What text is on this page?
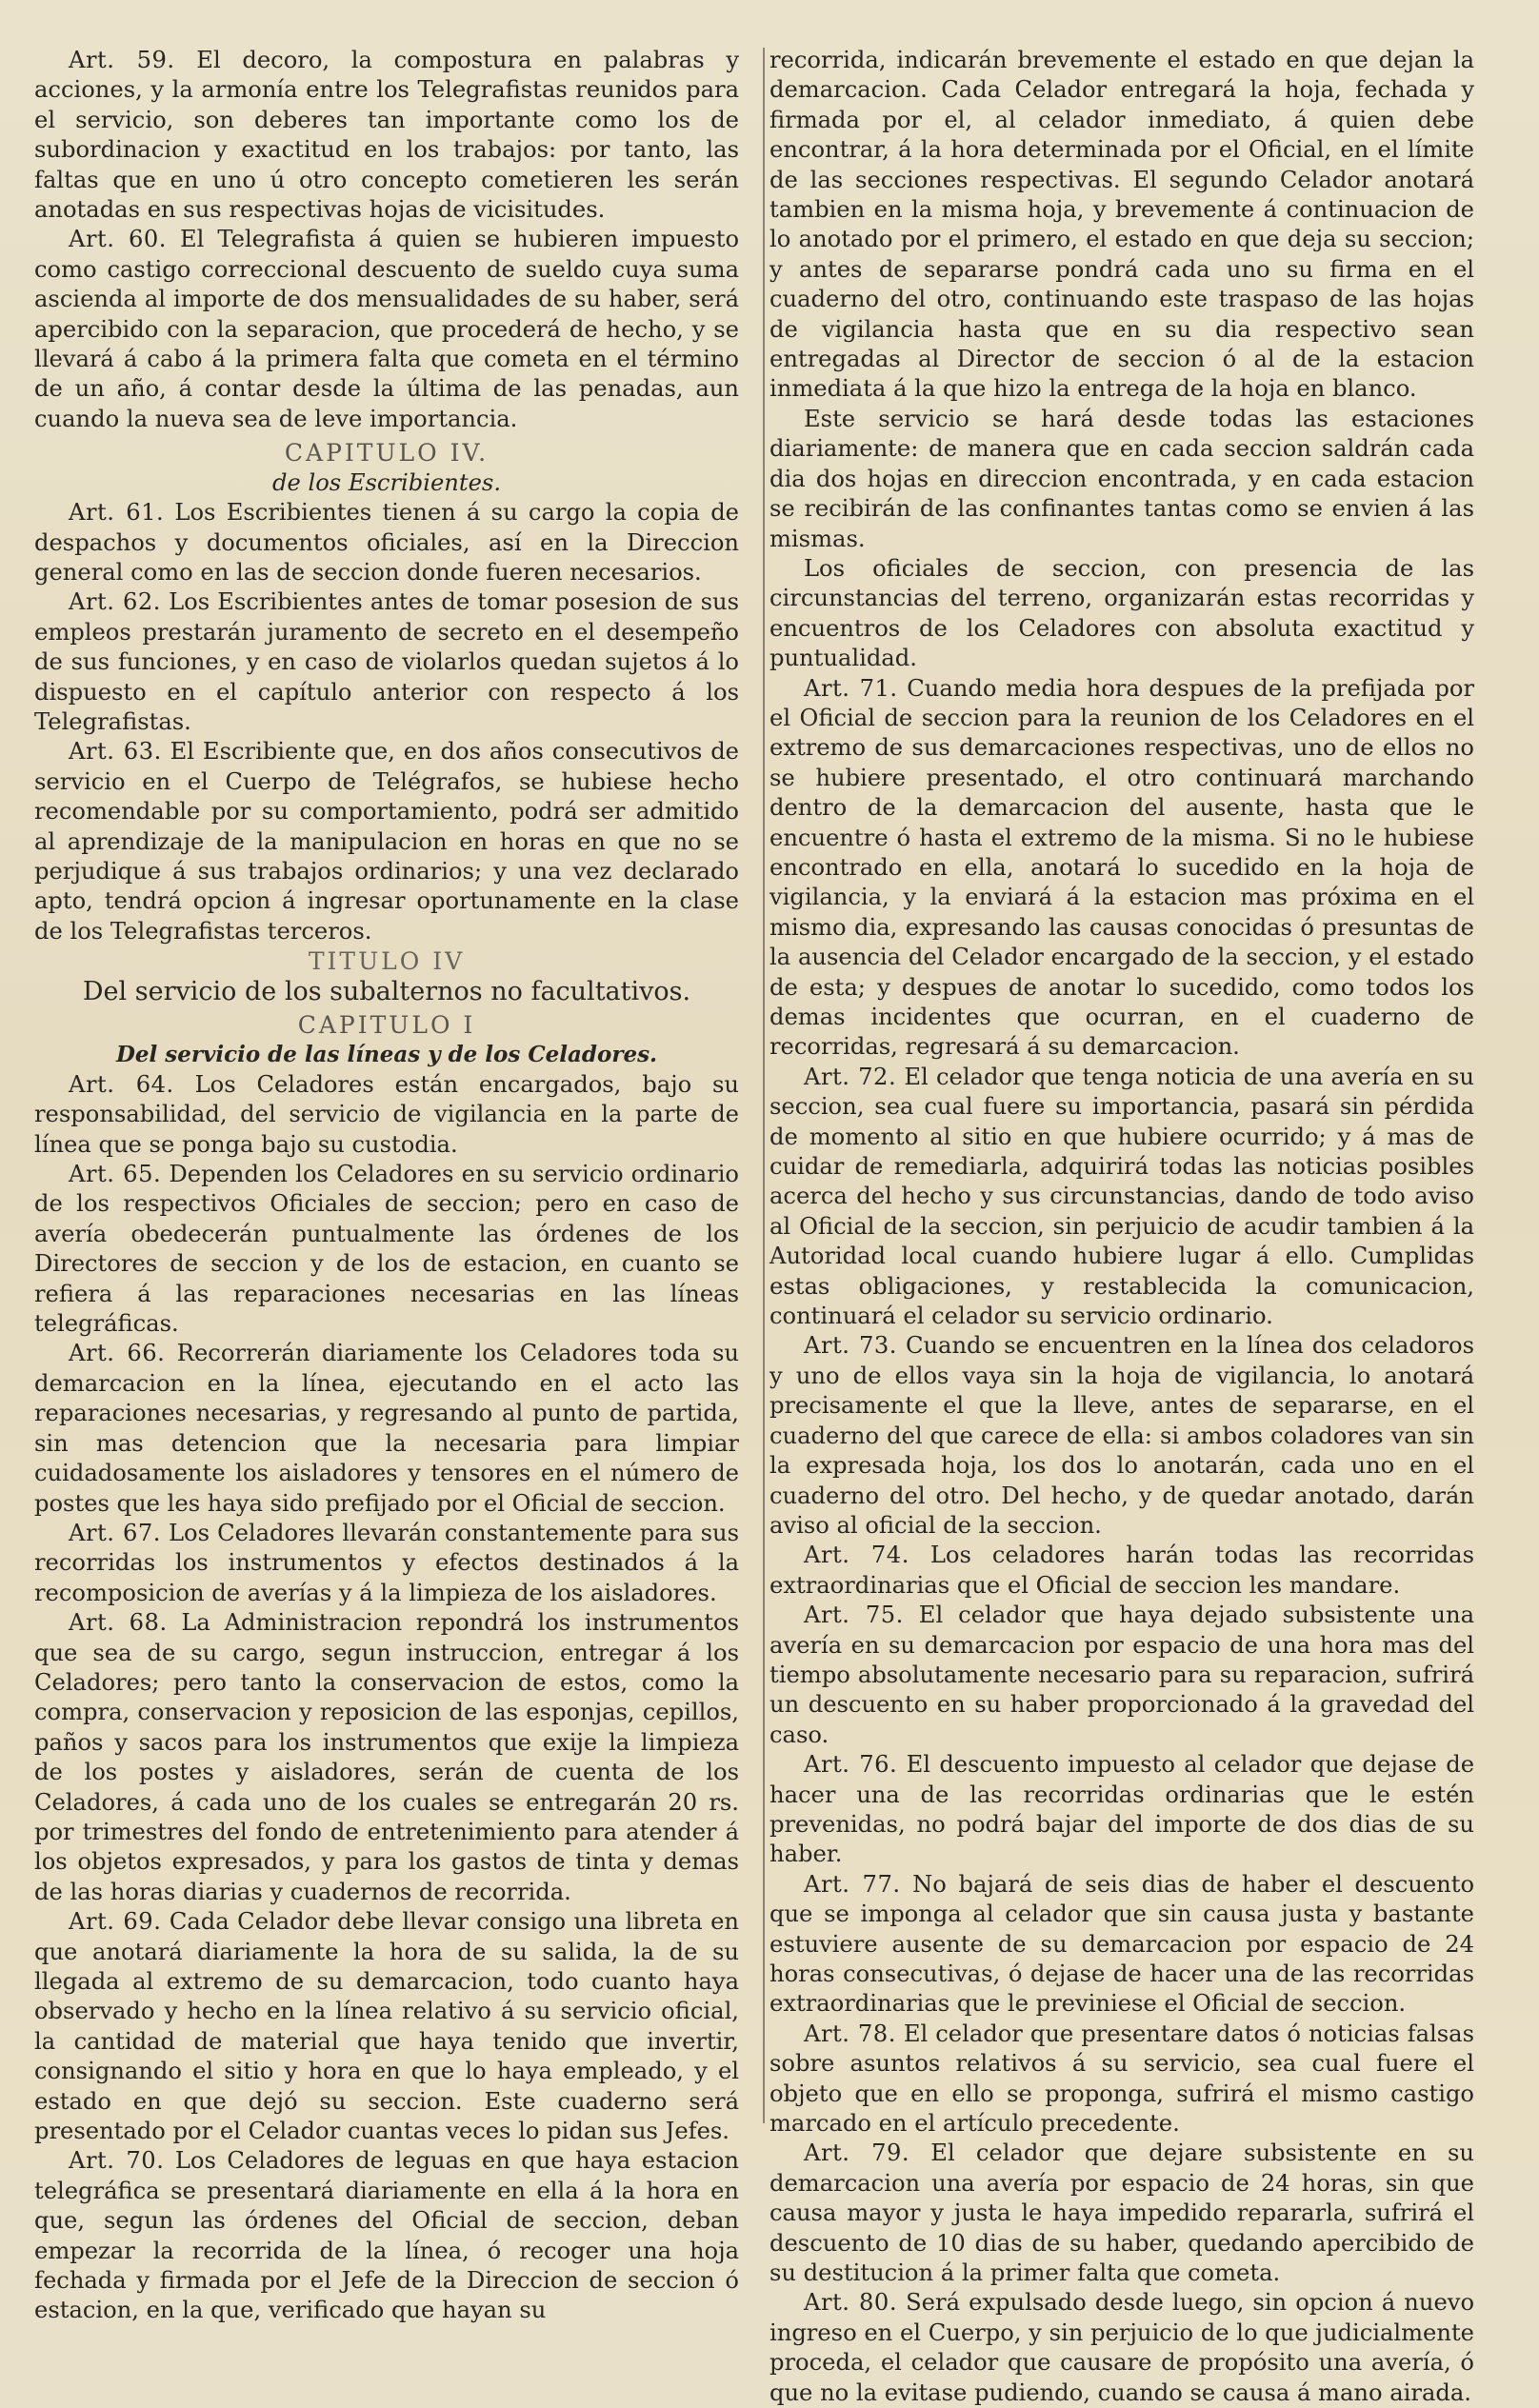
Art. 59. El decoro, la compostura en palabras y acciones, y la armonía entre los Telegrafistas reunidos para el servicio, son deberes tan importante como los de subordinacion y exactitud en los trabajos: por tanto, las faltas que en uno ú otro concepto cometieren les serán anotadas en sus respectivas hojas de vicisitudes.

Art. 60. El Telegrafista á quien se hubieren impuesto como castigo correccional descuento de sueldo cuya suma ascienda al importe de dos mensualidades de su haber, será apercibido con la separacion, que procederá de hecho, y se llevará á cabo á la primera falta que cometa en el término de un año, á contar desde la última de las penadas, aun cuando la nueva sea de leve importancia.

CAPITULO IV.

de los Escribientes.

Art. 61. Los Escribientes tienen á su cargo la copia de despachos y documentos oficiales, así en la Direccion general como en las de seccion donde fueren necesarios.

Art. 62. Los Escribientes antes de tomar posesion de sus empleos prestarán juramento de secreto en el desempeño de sus funciones, y en caso de violarlos quedan sujetos á lo dispuesto en el capítulo anterior con respecto á los Telegrafistas.

Art. 63. El Escribiente que, en dos años consecutivos de servicio en el Cuerpo de Telégrafos, se hubiese hecho recomendable por su comportamiento, podrá ser admitido al aprendizaje de la manipulacion en horas en que no se perjudique á sus trabajos ordinarios; y una vez declarado apto, tendrá opcion á ingresar oportunamente en la clase de los Telegrafistas terceros.

TITULO IV

Del servicio de los subalternos no facultativos.

CAPITULO I

Del servicio de las líneas y de los Celadores.

Art. 64. Los Celadores están encargados, bajo su responsabilidad, del servicio de vigilancia en la parte de línea que se ponga bajo su custodia.

Art. 65. Dependen los Celadores en su servicio ordinario de los respectivos Oficiales de seccion; pero en caso de avería obedecerán puntualmente las órdenes de los Directores de seccion y de los de estacion, en cuanto se refiera á las reparaciones necesarias en las líneas telegráficas.

Art. 66. Recorrerán diariamente los Celadores toda su demarcacion en la línea, ejecutando en el acto las reparaciones necesarias, y regresando al punto de partida, sin mas detencion que la necesaria para limpiar cuidadosamente los aisladores y tensores en el número de postes que les haya sido prefijado por el Oficial de seccion.

Art. 67. Los Celadores llevarán constantemente para sus recorridas los instrumentos y efectos destinados á la recomposicion de averías y á la limpieza de los aisladores.

Art. 68. La Administracion repondrá los instrumentos que sea de su cargo, segun instruccion, entregar á los Celadores; pero tanto la conservacion de estos, como la compra, conservacion y reposicion de las esponjas, cepillos, paños y sacos para los instrumentos que exije la limpieza de los postes y aisladores, serán de cuenta de los Celadores, á cada uno de los cuales se entregarán 20 rs. por trimestres del fondo de entretenimiento para atender á los objetos expresados, y para los gastos de tinta y demas de las horas diarias y cuadernos de recorrida.

Art. 69. Cada Celador debe llevar consigo una libreta en que anotará diariamente la hora de su salida, la de su llegada al extremo de su demarcacion, todo cuanto haya observado y hecho en la línea relativo á su servicio oficial, la cantidad de material que haya tenido que invertir, consignando el sitio y hora en que lo haya empleado, y el estado en que dejó su seccion. Este cuaderno será presentado por el Celador cuantas veces lo pidan sus Jefes.

Art. 70. Los Celadores de leguas en que haya estacion telegráfica se presentará diariamente en ella á la hora en que, segun las órdenes del Oficial de seccion, deban empezar la recorrida de la línea, ó recoger una hoja fechada y firmada por el Jefe de la Direccion de seccion ó estacion, en la que, verificado que hayan su

recorrida, indicarán brevemente el estado en que dejan la demarcacion. Cada Celador entregará la hoja, fechada y firmada por el, al celador inmediato, á quien debe encontrar, á la hora determinada por el Oficial, en el límite de las secciones respectivas. El segundo Celador anotará tambien en la misma hoja, y brevemente á continuacion de lo anotado por el primero, el estado en que deja su seccion; y antes de separarse pondrá cada uno su firma en el cuaderno del otro, continuando este traspaso de las hojas de vigilancia hasta que en su dia respectivo sean entregadas al Director de seccion ó al de la estacion inmediata á la que hizo la entrega de la hoja en blanco.

Este servicio se hará desde todas las estaciones diariamente: de manera que en cada seccion saldrán cada dia dos hojas en direccion encontrada, y en cada estacion se recibirán de las confinantes tantas como se envien á las mismas.

Los oficiales de seccion, con presencia de las circunstancias del terreno, organizarán estas recorridas y encuentros de los Celadores con absoluta exactitud y puntualidad.

Art. 71. Cuando media hora despues de la prefijada por el Oficial de seccion para la reunion de los Celadores en el extremo de sus demarcaciones respectivas, uno de ellos no se hubiere presentado, el otro continuará marchando dentro de la demarcacion del ausente, hasta que le encuentre ó hasta el extremo de la misma. Si no le hubiese encontrado en ella, anotará lo sucedido en la hoja de vigilancia, y la enviará á la estacion mas próxima en el mismo dia, expresando las causas conocidas ó presuntas de la ausencia del Celador encargado de la seccion, y el estado de esta; y despues de anotar lo sucedido, como todos los demas incidentes que ocurran, en el cuaderno de recorridas, regresará á su demarcacion.

Art. 72. El celador que tenga noticia de una avería en su seccion, sea cual fuere su importancia, pasará sin pérdida de momento al sitio en que hubiere ocurrido; y á mas de cuidar de remediarla, adquirirá todas las noticias posibles acerca del hecho y sus circunstancias, dando de todo aviso al Oficial de la seccion, sin perjuicio de acudir tambien á la Autoridad local cuando hubiere lugar á ello. Cumplidas estas obligaciones, y restablecida la comunicacion, continuará el celador su servicio ordinario.

Art. 73. Cuando se encuentren en la línea dos celadoros y uno de ellos vaya sin la hoja de vigilancia, lo anotará precisamente el que la lleve, antes de separarse, en el cuaderno del que carece de ella: si ambos coladores van sin la expresada hoja, los dos lo anotarán, cada uno en el cuaderno del otro. Del hecho, y de quedar anotado, darán aviso al oficial de la seccion.

Art. 74. Los celadores harán todas las recorridas extraordinarias que el Oficial de seccion les mandare.

Art. 75. El celador que haya dejado subsistente una avería en su demarcacion por espacio de una hora mas del tiempo absolutamente necesario para su reparacion, sufrirá un descuento en su haber proporcionado á la gravedad del caso.

Art. 76. El descuento impuesto al celador que dejase de hacer una de las recorridas ordinarias que le estén prevenidas, no podrá bajar del importe de dos dias de su haber.

Art. 77. No bajará de seis dias de haber el descuento que se imponga al celador que sin causa justa y bastante estuviere ausente de su demarcacion por espacio de 24 horas consecutivas, ó dejase de hacer una de las recorridas extraordinarias que le previniese el Oficial de seccion.

Art. 78. El celador que presentare datos ó noticias falsas sobre asuntos relativos á su servicio, sea cual fuere el objeto que en ello se proponga, sufrirá el mismo castigo marcado en el artículo precedente.

Art. 79. El celador que dejare subsistente en su demarcacion una avería por espacio de 24 horas, sin que causa mayor y justa le haya impedido repararla, sufrirá el descuento de 10 dias de su haber, quedando apercibido de su destitucion á la primer falta que cometa.

Art. 80. Será expulsado desde luego, sin opcion á nuevo ingreso en el Cuerpo, y sin perjuicio de lo que judicialmente proceda, el celador que causare de propósito una avería, ó que no la evitase pudiendo, cuando se causa á mano airada.
